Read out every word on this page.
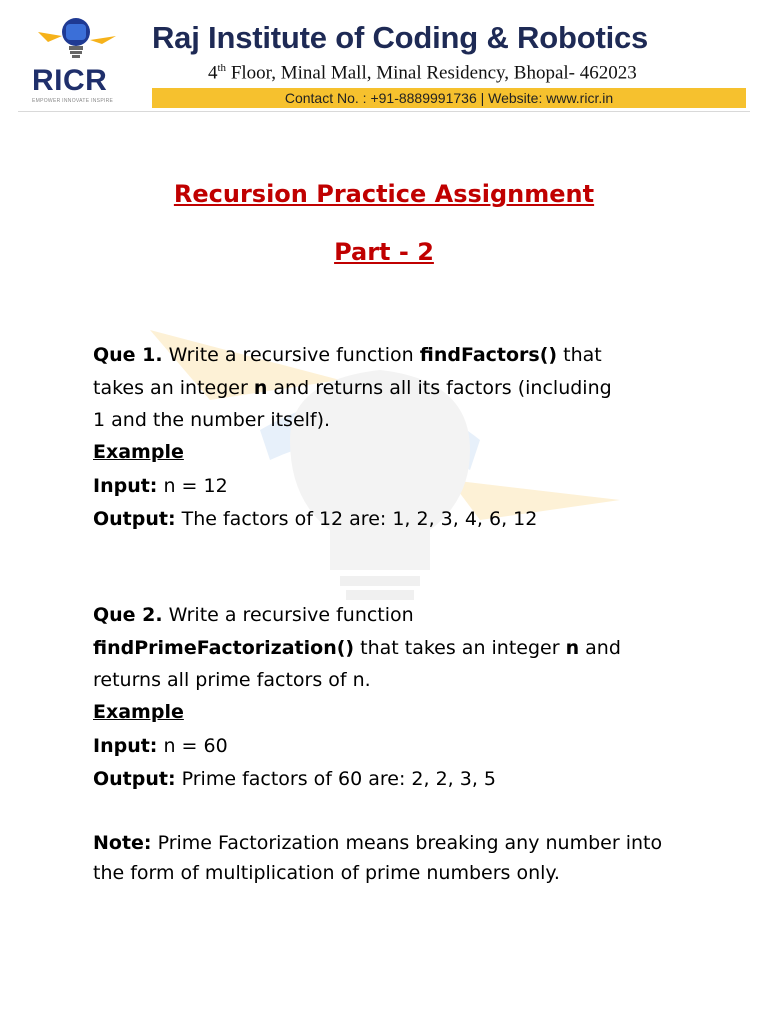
RICR
EMPOWER INNOVATE INSPIRE
Raj Institute of Coding & Robotics
4th Floor, Minal Mall, Minal Residency, Bhopal- 462023
Contact No. : +91-8889991736 | Website: www.ricr.in
Recursion Practice Assignment
Part - 2
Que 1. Write a recursive function findFactors() that
takes an integer n and returns all its factors (including
1 and the number itself).
Example
Input: n = 12
Output: The factors of 12 are: 1, 2, 3, 4, 6, 12
Que 2. Write a recursive function
findPrimeFactorization() that takes an integer n and
returns all prime factors of n.
Example
Input: n = 60
Output: Prime factors of 60 are: 2, 2, 3, 5
Note: Prime Factorization means breaking any number into
the form of multiplication of prime numbers only.
